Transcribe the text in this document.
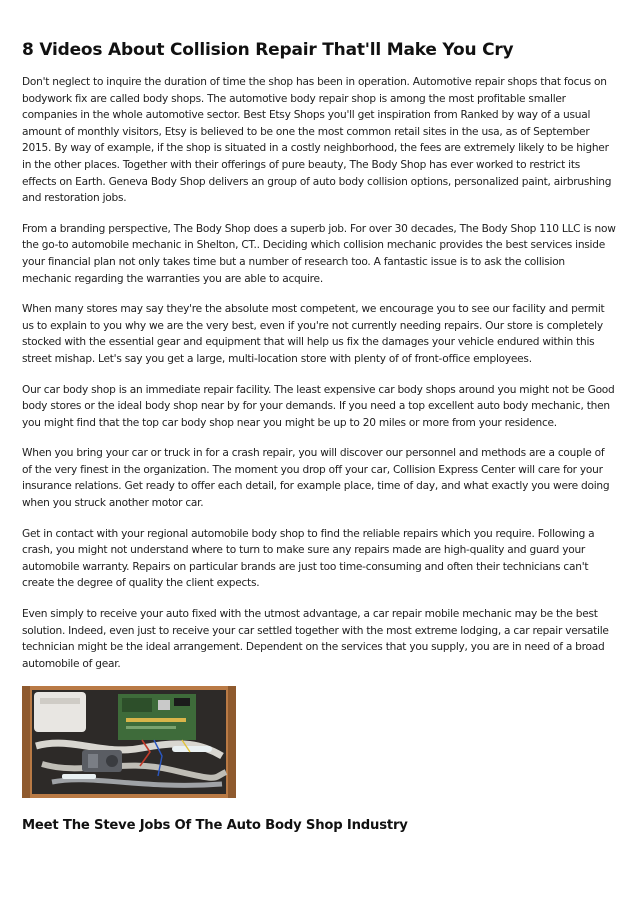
8 Videos About Collision Repair That'll Make You Cry

Don't neglect to inquire the duration of time the shop has been in operation. Automotive repair shops that focus on bodywork fix are called body shops. The automotive body repair shop is among the most profitable smaller companies in the whole automotive sector. Best Etsy Shops you'll get inspiration from Ranked by way of a usual amount of monthly visitors, Etsy is believed to be one the most common retail sites in the usa, as of September 2015. By way of example, if the shop is situated in a costly neighborhood, the fees are extremely likely to be higher in the other places. Together with their offerings of pure beauty, The Body Shop has ever worked to restrict its effects on Earth. Geneva Body Shop delivers an group of auto body collision options, personalized paint, airbrushing and restoration jobs.

From a branding perspective, The Body Shop does a superb job. For over 30 decades, The Body Shop 110 LLC is now the go-to automobile mechanic in Shelton, CT.. Deciding which collision mechanic provides the best services inside your financial plan not only takes time but a number of research too. A fantastic issue is to ask the collision mechanic regarding the warranties you are able to acquire.

When many stores may say they're the absolute most competent, we encourage you to see our facility and permit us to explain to you why we are the very best, even if you're not currently needing repairs. Our store is completely stocked with the essential gear and equipment that will help us fix the damages your vehicle endured within this street mishap. Let's say you get a large, multi-location store with plenty of of front-office employees.

Our car body shop is an immediate repair facility. The least expensive car body shops around you might not be Good body stores or the ideal body shop near by for your demands. If you need a top excellent auto body mechanic, then you might find that the top car body shop near you might be up to 20 miles or more from your residence.

When you bring your car or truck in for a crash repair, you will discover our personnel and methods are a couple of of the very finest in the organization. The moment you drop off your car, Collision Express Center will care for your insurance relations. Get ready to offer each detail, for example place, time of day, and what exactly you were doing when you struck another motor car.

Get in contact with your regional automobile body shop to find the reliable repairs which you require. Following a crash, you might not understand where to turn to make sure any repairs made are high-quality and guard your automobile warranty. Repairs on particular brands are just too time-consuming and often their technicians can't create the degree of quality the client expects.

Even simply to receive your auto fixed with the utmost advantage, a car repair mobile mechanic may be the best solution. Indeed, even just to receive your car settled together with the most extreme lodging, a car repair versatile technician might be the ideal arrangement. Dependent on the services that you supply, you are in need of a broad automobile of gear.

Meet The Steve Jobs Of The Auto Body Shop Industry
